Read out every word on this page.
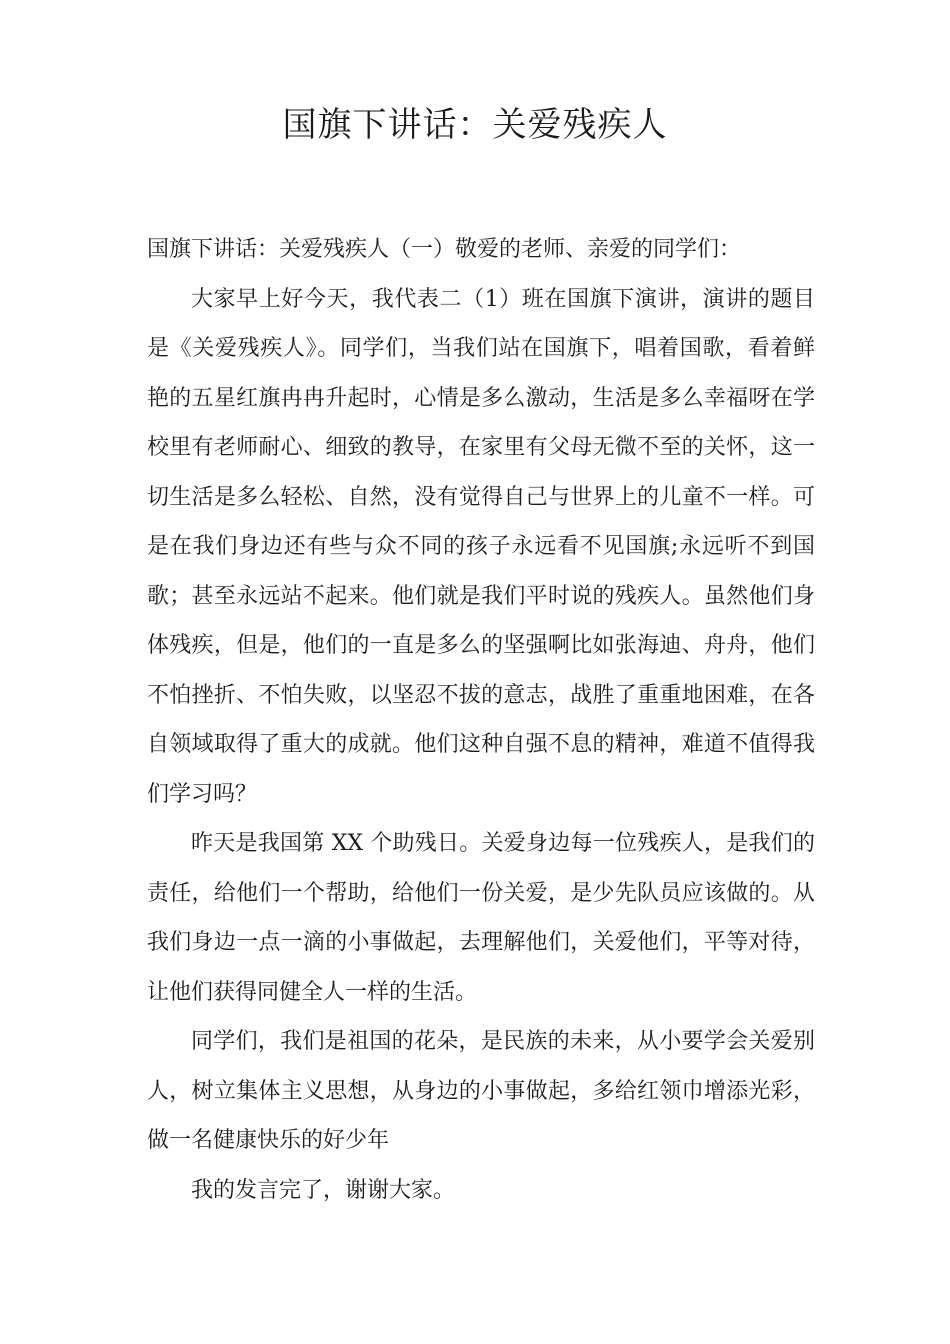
国旗下讲话：关爱残疾人

国旗下讲话：关爱残疾人（一）敬爱的老师、亲爱的同学们：

大家早上好今天，我代表二（1）班在国旗下演讲，演讲的题目是《关爱残疾人》。同学们，当我们站在国旗下，唱着国歌，看着鲜艳的五星红旗冉冉升起时，心情是多么激动，生活是多么幸福呀在学校里有老师耐心、细致的教导，在家里有父母无微不至的关怀，这一切生活是多么轻松、自然，没有觉得自己与世界上的儿童不一样。可是在我们身边还有些与众不同的孩子永远看不见国旗;永远听不到国歌；甚至永远站不起来。他们就是我们平时说的残疾人。虽然他们身体残疾，但是，他们的一直是多么的坚强啊比如张海迪、舟舟，他们不怕挫折、不怕失败，以坚忍不拔的意志，战胜了重重地困难，在各自领域取得了重大的成就。他们这种自强不息的精神，难道不值得我们学习吗？

昨天是我国第 XX 个助残日。关爱身边每一位残疾人，是我们的责任，给他们一个帮助，给他们一份关爱，是少先队员应该做的。从我们身边一点一滴的小事做起，去理解他们，关爱他们，平等对待，让他们获得同健全人一样的生活。

同学们，我们是祖国的花朵，是民族的未来，从小要学会关爱别人，树立集体主义思想，从身边的小事做起，多给红领巾增添光彩，做一名健康快乐的好少年

我的发言完了，谢谢大家。
